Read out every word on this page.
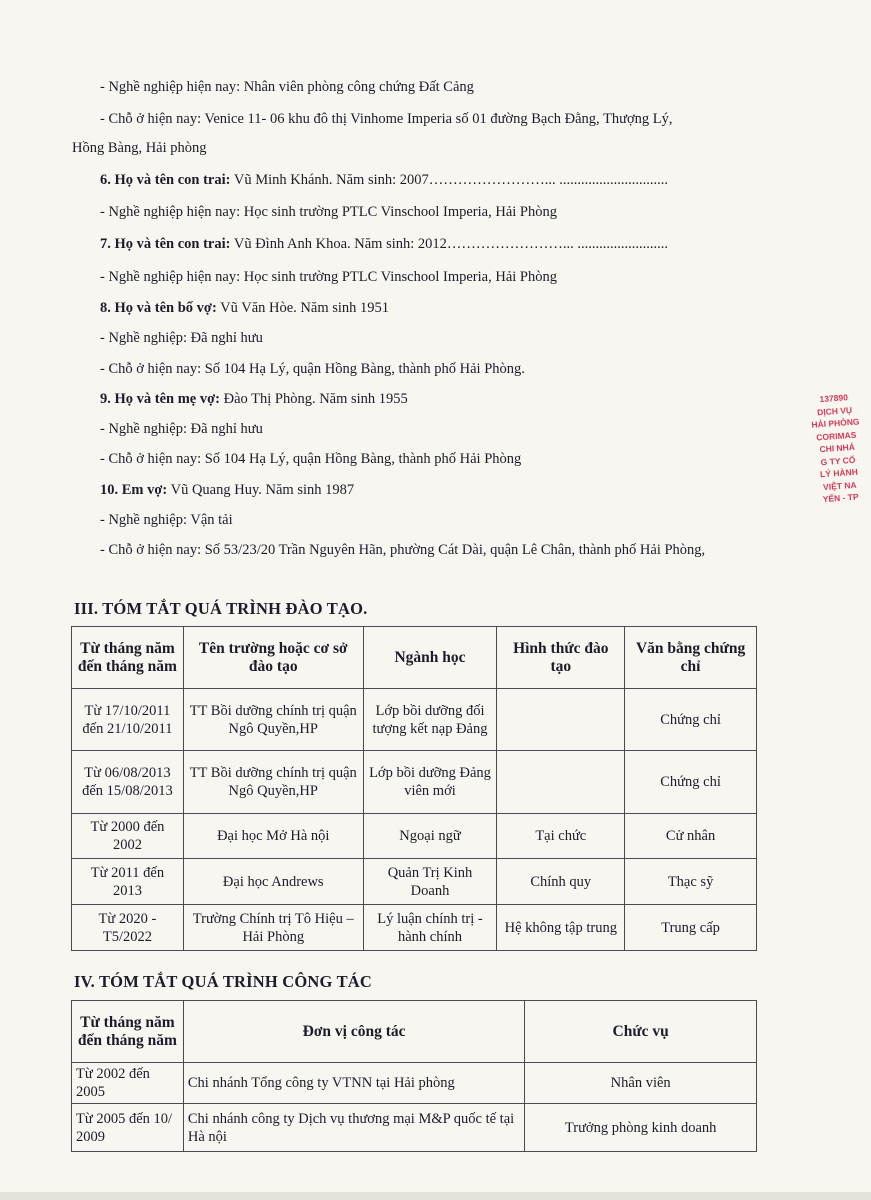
- Nghề nghiệp hiện nay: Nhân viên phòng công chứng Đất Cảng
- Chỗ ở hiện nay: Venice 11- 06 khu đô thị Vinhome Imperia số 01 đường Bạch Đằng, Thượng Lý,
Hồng Bàng, Hải phòng
6. Họ và tên con trai: Vũ Minh Khánh. Năm sinh: 2007……………………... ..............................
- Nghề nghiệp hiện nay: Học sinh trường PTLC Vinschool Imperia, Hải Phòng
7. Họ và tên con trai: Vũ Đình Anh Khoa. Năm sinh: 2012……………………... .........................
- Nghề nghiệp hiện nay: Học sinh trường PTLC Vinschool Imperia, Hải Phòng
8. Họ và tên bố vợ: Vũ Văn Hòe. Năm sinh 1951
- Nghề nghiệp: Đã nghỉ hưu
- Chỗ ở hiện nay: Số 104 Hạ Lý, quận Hồng Bàng, thành phố Hải Phòng.
9. Họ và tên mẹ vợ: Đào Thị Phòng. Năm sinh 1955
- Nghề nghiệp: Đã nghỉ hưu
- Chỗ ở hiện nay: Số 104 Hạ Lý, quận Hồng Bàng, thành phố Hải Phòng
10. Em vợ: Vũ Quang Huy. Năm sinh 1987
- Nghề nghiệp: Vận tải
- Chỗ ở hiện nay: Số 53/23/20 Trần Nguyên Hãn, phường Cát Dài, quận Lê Chân, thành phố Hải Phòng,
137890
DỊCH VỤ
HẢI PHÒNG
CORIMAS
CHI NHÁ
G TY CỔ
LÝ HÀNH
VIỆT NA
YẾN - TP
III. TÓM TẮT QUÁ TRÌNH ĐÀO TẠO.
Từ tháng năm đến tháng năm	Tên trường hoặc cơ sở đào tạo	Ngành học	Hình thức đào tạo	Văn bằng chứng chỉ
Từ 17/10/2011 đến 21/10/2011	TT Bồi dưỡng chính trị quận Ngô Quyền,HP	Lớp bồi dưỡng đối tượng kết nạp Đảng		Chứng chỉ
Từ 06/08/2013 đến 15/08/2013	TT Bồi dưỡng chính trị quận Ngô Quyền,HP	Lớp bồi dưỡng Đảng viên mới		Chứng chỉ
Từ 2000 đến 2002	Đại học Mở Hà nội	Ngoại ngữ	Tại chức	Cử nhân
Từ 2011 đến 2013	Đại học Andrews	Quản Trị Kinh Doanh	Chính quy	Thạc sỹ
Từ 2020 - T5/2022	Trường Chính trị Tô Hiệu – Hải Phòng	Lý luận chính trị - hành chính	Hệ không tập trung	Trung cấp
IV. TÓM TẮT QUÁ TRÌNH CÔNG TÁC
Từ tháng năm đến tháng năm	Đơn vị công tác	Chức vụ
Từ 2002 đến 2005	Chi nhánh Tổng công ty VTNN tại Hải phòng	Nhân viên
Từ 2005 đến 10/ 2009	Chi nhánh công ty Dịch vụ thương mại M&P quốc tế tại Hà nội	Trưởng phòng kinh doanh
